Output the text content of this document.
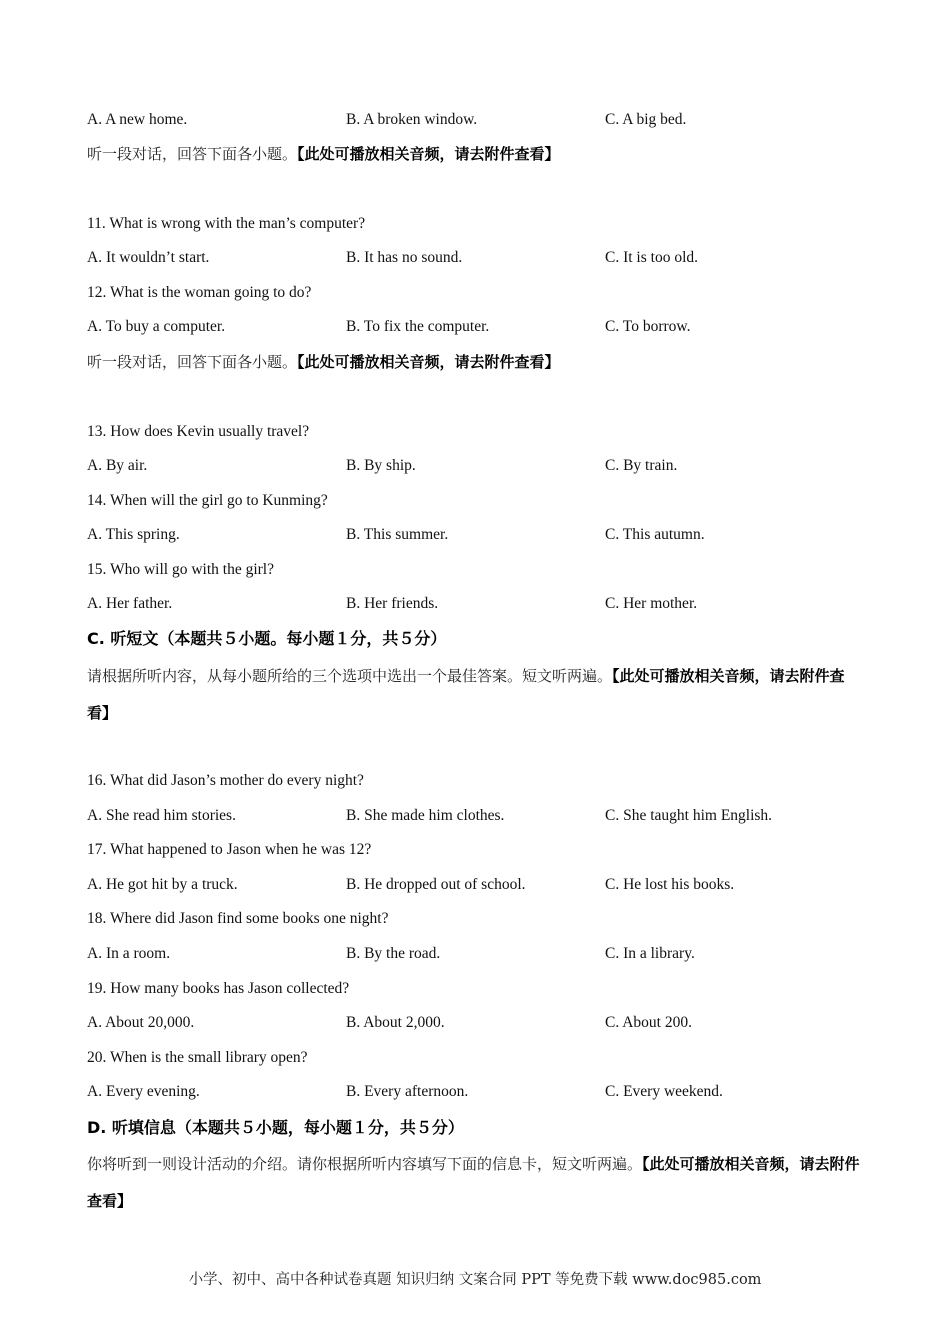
A. A new home.	B. A broken window.	C. A big bed.
听一段对话，回答下面各小题。【此处可播放相关音频，请去附件查看】
11. What is wrong with the man’s computer?
A. It wouldn’t start.	B. It has no sound.	C. It is too old.
12. What is the woman going to do?
A. To buy a computer.	B. To fix the computer.	C. To borrow.
听一段对话，回答下面各小题。【此处可播放相关音频，请去附件查看】
13. How does Kevin usually travel?
A. By air.	B. By ship.	C. By train.
14. When will the girl go to Kunming?
A. This spring.	B. This summer.	C. This autumn.
15. Who will go with the girl?
A. Her father.	B. Her friends.	C. Her mother.
C. 听短文（本题共５小题。每小题１分，共５分）
请根据所听内容，从每小题所给的三个选项中选出一个最佳答案。短文听两遍。【此处可播放相关音频，请去附件查看】
16. What did Jason’s mother do every night?
A. She read him stories.	B. She made him clothes.	C. She taught him English.
17. What happened to Jason when he was 12?
A. He got hit by a truck.	B. He dropped out of school.	C. He lost his books.
18. Where did Jason find some books one night?
A. In a room.	B. By the road.	C. In a library.
19. How many books has Jason collected?
A. About 20,000.	B. About 2,000.	C. About 200.
20. When is the small library open?
A. Every evening.	B. Every afternoon.	C. Every weekend.
D. 听填信息（本题共５小题，每小题１分，共５分）
你将听到一则设计活动的介绍。请你根据所听内容填写下面的信息卡，短文听两遍。【此处可播放相关音频，请去附件查看】
小学、初中、高中各种试卷真题 知识归纳 文案合同 PPT 等免费下载 www.doc985.com
